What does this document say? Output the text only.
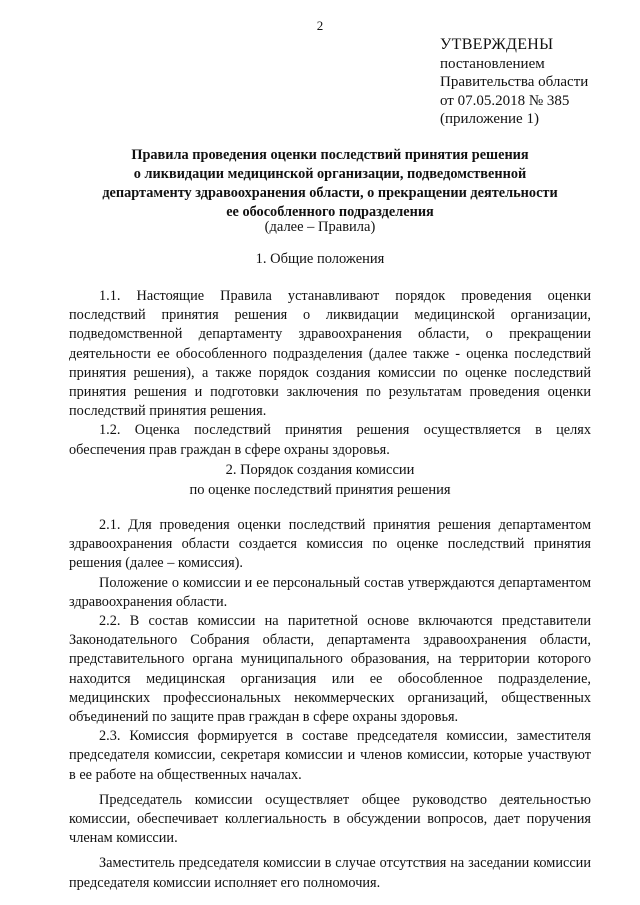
2
УТВЕРЖДЕНЫ
постановлением
Правительства области
от 07.05.2018 № 385
(приложение 1)
Правила проведения оценки последствий принятия решения
о ликвидации медицинской организации, подведомственной
департаменту здравоохранения области, о прекращении деятельности
ее обособленного подразделения
(далее – Правила)
1. Общие положения

1.1. Настоящие Правила устанавливают порядок проведения оценки последствий принятия решения о ликвидации медицинской организации, подведомственной департаменту здравоохранения области, о прекращении деятельности ее обособленного подразделения (далее также - оценка последствий принятия решения), а также порядок создания комиссии по оценке последствий принятия решения и подготовки заключения по результатам проведения оценки последствий принятия решения.

1.2. Оценка последствий принятия решения осуществляется в целях обеспечения прав граждан в сфере охраны здоровья.

2. Порядок создания комиссии
по оценке последствий принятия решения

2.1. Для проведения оценки последствий принятия решения департаментом здравоохранения области создается комиссия по оценке последствий принятия решения (далее – комиссия).

Положение о комиссии и ее персональный состав утверждаются департаментом здравоохранения области.

2.2. В состав комиссии на паритетной основе включаются представители Законодательного Собрания области, департамента здравоохранения области, представительного органа муниципального образования, на территории которого находится медицинская организация или ее обособленное подразделение, медицинских профессиональных некоммерческих организаций, общественных объединений по защите прав граждан в сфере охраны здоровья.

2.3. Комиссия формируется в составе председателя комиссии, заместителя председателя комиссии, секретаря комиссии и членов комиссии, которые участвуют в ее работе на общественных началах.

Председатель комиссии осуществляет общее руководство деятельностью комиссии, обеспечивает коллегиальность в обсуждении вопросов, дает поручения членам комиссии.

Заместитель председателя комиссии в случае отсутствия на заседании комиссии председателя комиссии исполняет его полномочия.
